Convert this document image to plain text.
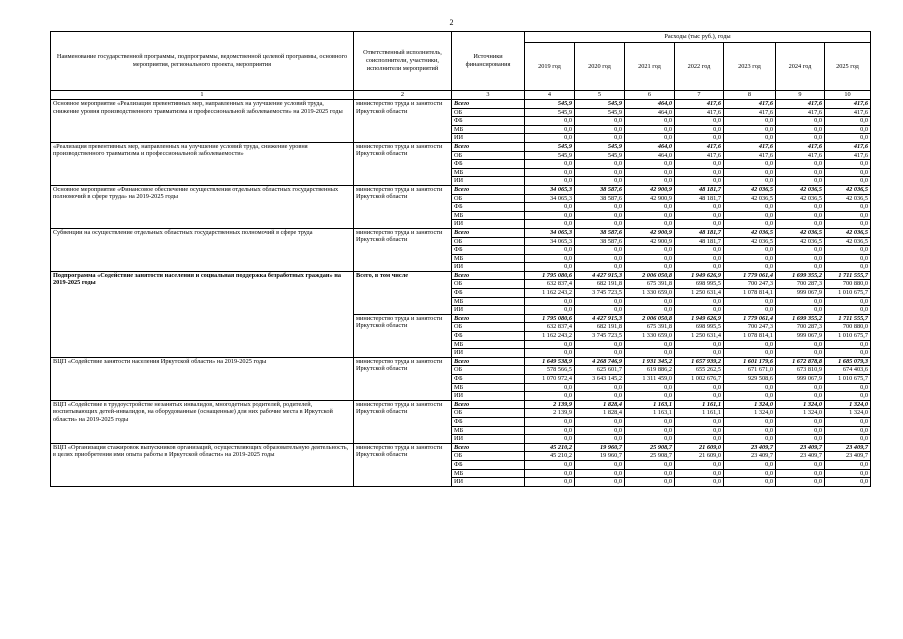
2
Наименование государственной программы, подпрограммы, ведомственной целевой программы, основного мероприятия, регионального проекта, мероприятия	Ответственный исполнитель, соисполнители, участники, исполнители мероприятий	Источники финансирования	Расходы (тыс руб.), годы						
			2019 год	2020 год	2021 год	2022 год	2023 год	2024 год	2025 год
1	2	3	4	5	6	7	8	9	10
Основное мероприятие «Реализация превентивных мер, направленных на улучшение условий труда, снижение уровня производственного травматизма и профессиональной заболеваемости» на 2019-2025 годы	министерство труда и занятости Иркутской области	Всего	545,9	545,9	464,0	417,6	417,6	417,6	417,6
		ОБ	545,9	545,9	464,0	417,6	417,6	417,6	417,6
		ФБ	0,0	0,0	0,0	0,0	0,0	0,0	0,0
		МБ	0,0	0,0	0,0	0,0	0,0	0,0	0,0
		ИИ	0,0	0,0	0,0	0,0	0,0	0,0	0,0
«Реализация превентивных мер, направленных на улучшение условий труда, снижение уровня производственного травматизма и профессиональной заболеваемости»	министерство труда и занятости Иркутской области	Всего	545,9	545,9	464,0	417,6	417,6	417,6	417,6
		ОБ	545,9	545,9	464,0	417,6	417,6	417,6	417,6
		ФБ	0,0	0,0	0,0	0,0	0,0	0,0	0,0
		МБ	0,0	0,0	0,0	0,0	0,0	0,0	0,0
		ИИ	0,0	0,0	0,0	0,0	0,0	0,0	0,0
Основное мероприятие «Финансовое обеспечение осуществления отдельных областных государственных полномочий в сфере труда» на 2019-2025 годы	министерство труда и занятости Иркутской области	Всего	34 065,3	38 587,6	42 900,9	48 181,7	42 036,5	42 036,5	42 036,5
		ОБ	34 065,3	38 587,6	42 900,9	48 181,7	42 036,5	42 036,5	42 036,5
		ФБ	0,0	0,0	0,0	0,0	0,0	0,0	0,0
		МБ	0,0	0,0	0,0	0,0	0,0	0,0	0,0
		ИИ	0,0	0,0	0,0	0,0	0,0	0,0	0,0
Субвенции на осуществление отдельных областных государственных полномочий в сфере труда	министерство труда и занятости Иркутской области	Всего	34 065,3	38 587,6	42 900,9	48 181,7	42 036,5	42 036,5	42 036,5
		ОБ	34 065,3	38 587,6	42 900,9	48 181,7	42 036,5	42 036,5	42 036,5
		ФБ	0,0	0,0	0,0	0,0	0,0	0,0	0,0
		МБ	0,0	0,0	0,0	0,0	0,0	0,0	0,0
		ИИ	0,0	0,0	0,0	0,0	0,0	0,0	0,0
Подпрограмма «Содействие занятости населения и социальная поддержка безработных граждан» на 2019-2025 годы	Всего, в том числе	Всего	1 795 080,6	4 427 915,3	2 006 050,8	1 949 626,9	1 779 061,4	1 699 355,2	1 711 555,7
		ОБ	632 837,4	682 191,8	675 391,8	698 995,5	700 247,3	700 287,3	700 880,0
		ФБ	1 162 243,2	3 745 723,5	1 330 659,0	1 250 631,4	1 078 814,1	999 067,9	1 010 675,7
		МБ	0,0	0,0	0,0	0,0	0,0	0,0	0,0
		ИИ	0,0	0,0	0,0	0,0	0,0	0,0	0,0
	министерство труда и занятости Иркутской области	Всего	1 795 080,6	4 427 915,3	2 006 050,8	1 949 626,9	1 779 061,4	1 699 355,2	1 711 555,7
		ОБ	632 837,4	682 191,8	675 391,8	698 995,5	700 247,3	700 287,3	700 880,0
		ФБ	1 162 243,2	3 745 723,5	1 330 659,0	1 250 631,4	1 078 814,1	999 067,9	1 010 675,7
		МБ	0,0	0,0	0,0	0,0	0,0	0,0	0,0
		ИИ	0,0	0,0	0,0	0,0	0,0	0,0	0,0
ВЦП «Содействие занятости населения Иркутской области» на 2019-2025 годы	министерство труда и занятости Иркутской области	Всего	1 649 538,9	4 268 746,9	1 931 345,2	1 657 939,2	1 601 179,6	1 672 878,8	1 685 079,3
		ОБ	578 566,5	625 601,7	619 886,2	655 262,5	671 671,0	673 810,9	674 403,6
		ФБ	1 070 972,4	3 643 145,2	1 311 459,0	1 002 676,7	929 508,6	999 067,9	1 010 675,7
		МБ	0,0	0,0	0,0	0,0	0,0	0,0	0,0
		ИИ	0,0	0,0	0,0	0,0	0,0	0,0	0,0
ВЦП «Содействие в трудоустройстве незанятых инвалидов, многодетных родителей, родителей, воспитывающих детей-инвалидов, на оборудованные (оснащенные) для них рабочие места в Иркутской области» на 2019-2025 годы	министерство труда и занятости Иркутской области	Всего	2 139,9	1 828,4	1 163,1	1 161,1	1 324,0	1 324,0	1 324,0
		ОБ	2 139,9	1 828,4	1 163,1	1 161,1	1 324,0	1 324,0	1 324,0
		ФБ	0,0	0,0	0,0	0,0	0,0	0,0	0,0
		МБ	0,0	0,0	0,0	0,0	0,0	0,0	0,0
		ИИ	0,0	0,0	0,0	0,0	0,0	0,0	0,0
ВЦП «Организация стажировок выпускников организаций, осуществляющих образовательную деятельность, в целях приобретения ими опыта работы в Иркутской области» на 2019-2025 годы	министерство труда и занятости Иркутской области	Всего	45 210,2	19 960,7	25 908,7	21 609,0	23 409,7	23 409,7	23 409,7
		ОБ	45 210,2	19 960,7	25 908,7	21 609,0	23 409,7	23 409,7	23 409,7
		ФБ	0,0	0,0	0,0	0,0	0,0	0,0	0,0
		МБ	0,0	0,0	0,0	0,0	0,0	0,0	0,0
		ИИ	0,0	0,0	0,0	0,0	0,0	0,0	0,0
